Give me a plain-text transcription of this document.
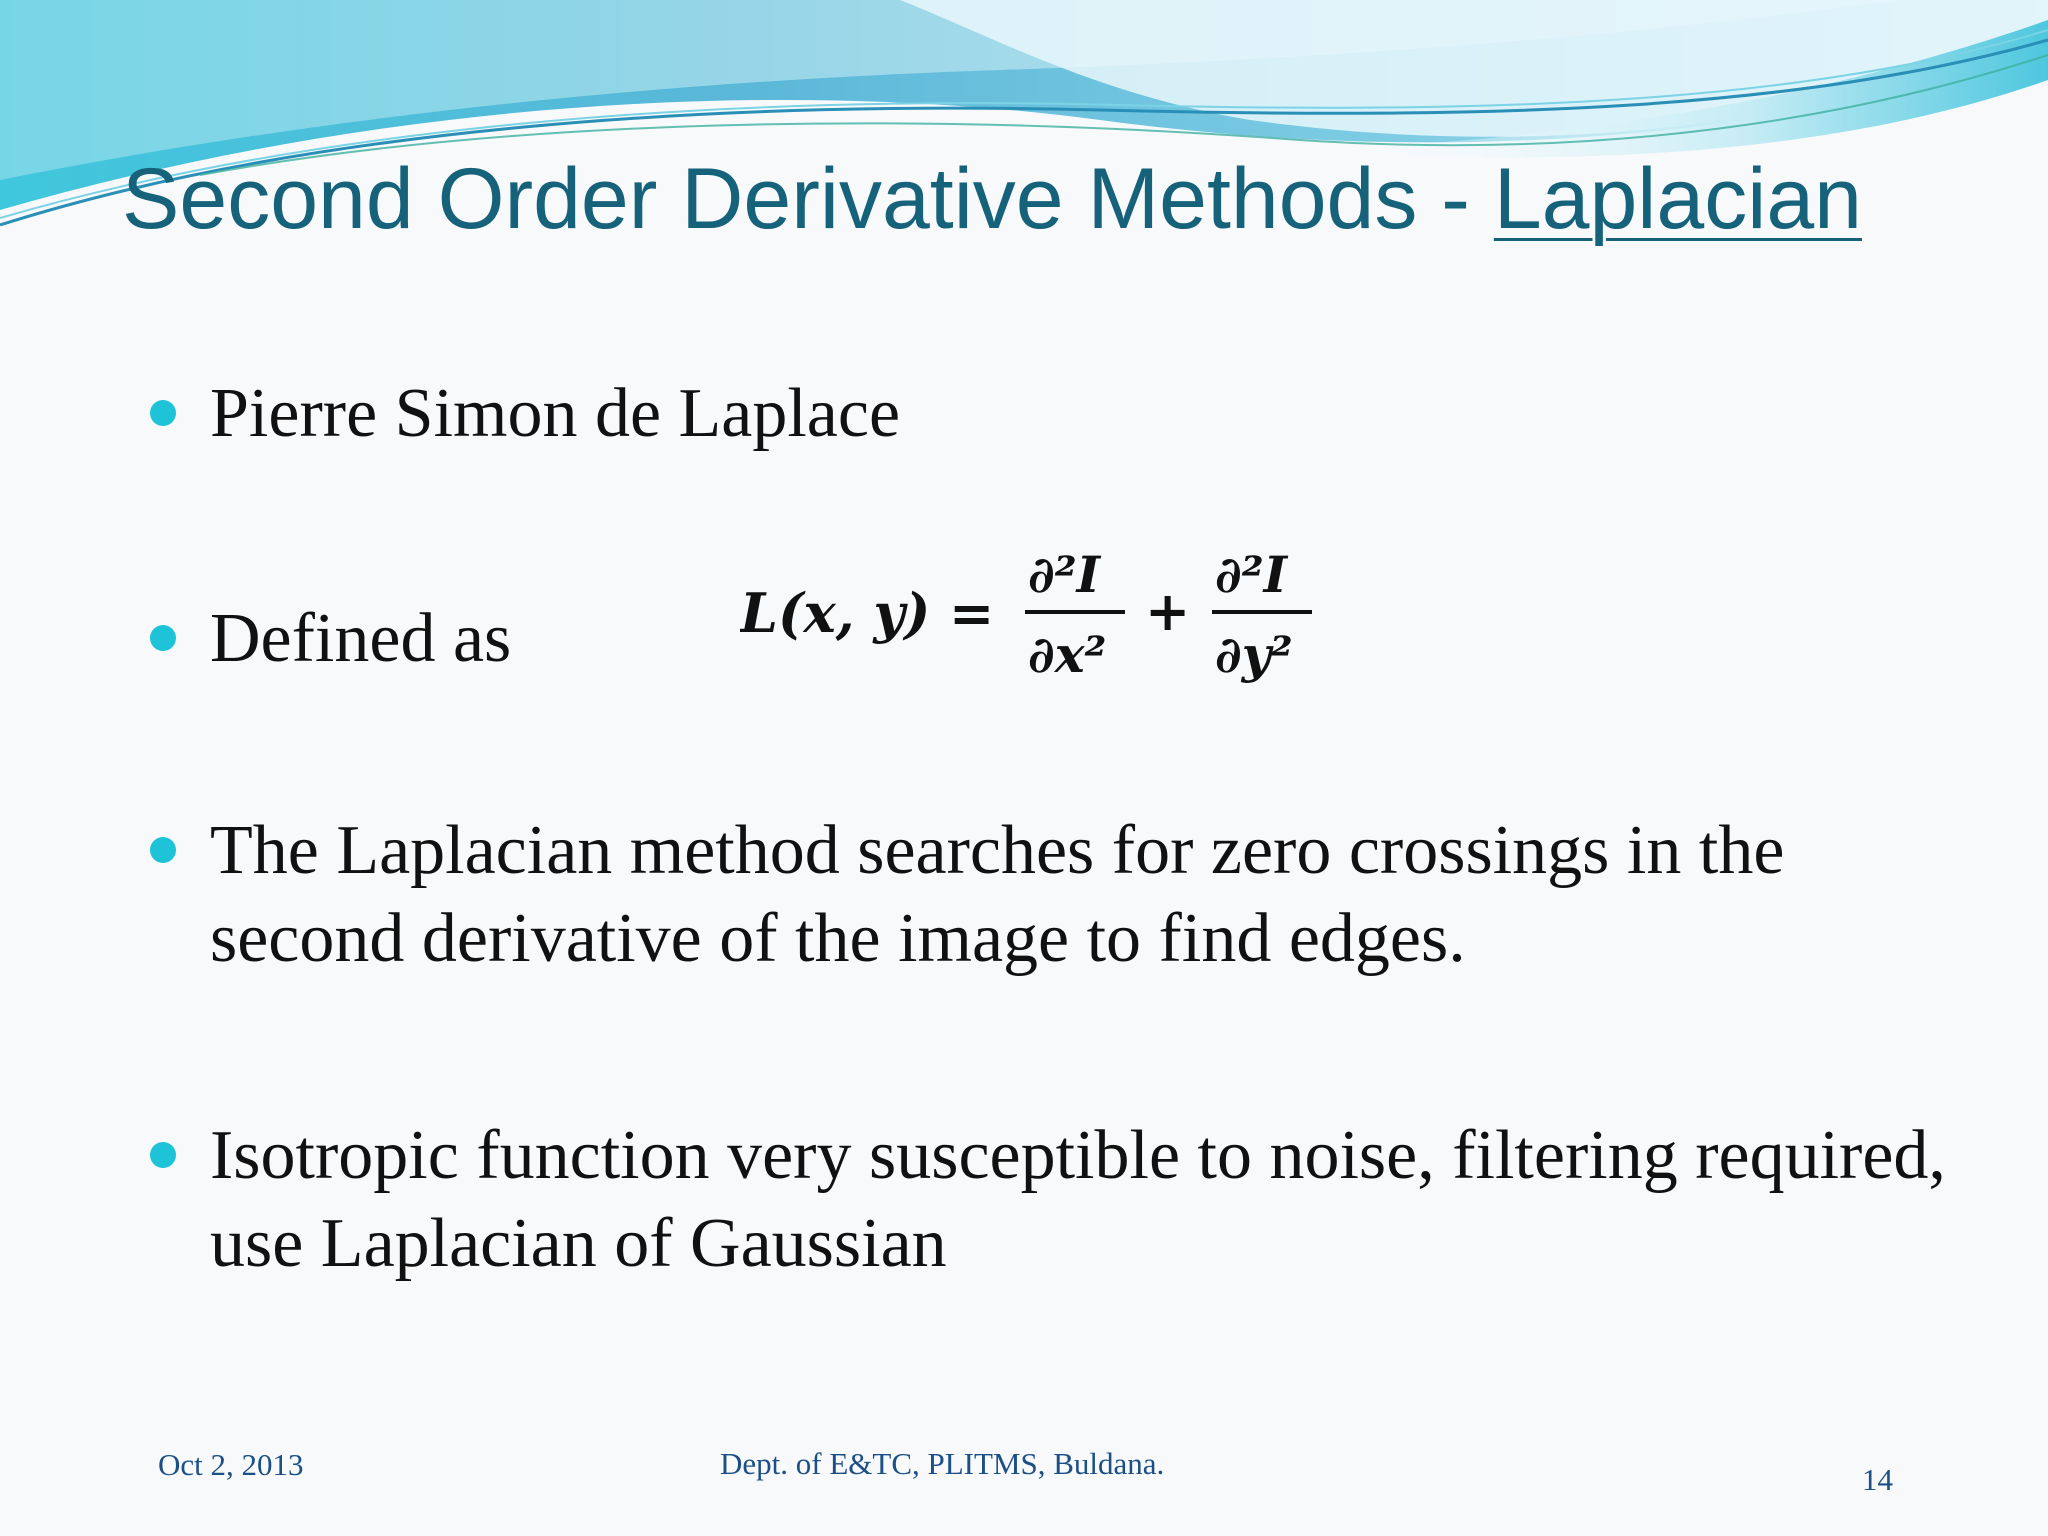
Second Order Derivative Methods - Laplacian
Pierre Simon de Laplace
Defined as
The Laplacian method searches for zero crossings in the second derivative of the image to find edges.
Isotropic function very susceptible to noise, filtering required, use Laplacian of Gaussian
L(x, y) =
∂²I
∂x²
+
∂²I
∂y²
Oct 2, 2013	Dept. of E&TC, PLITMS, Buldana.	14
